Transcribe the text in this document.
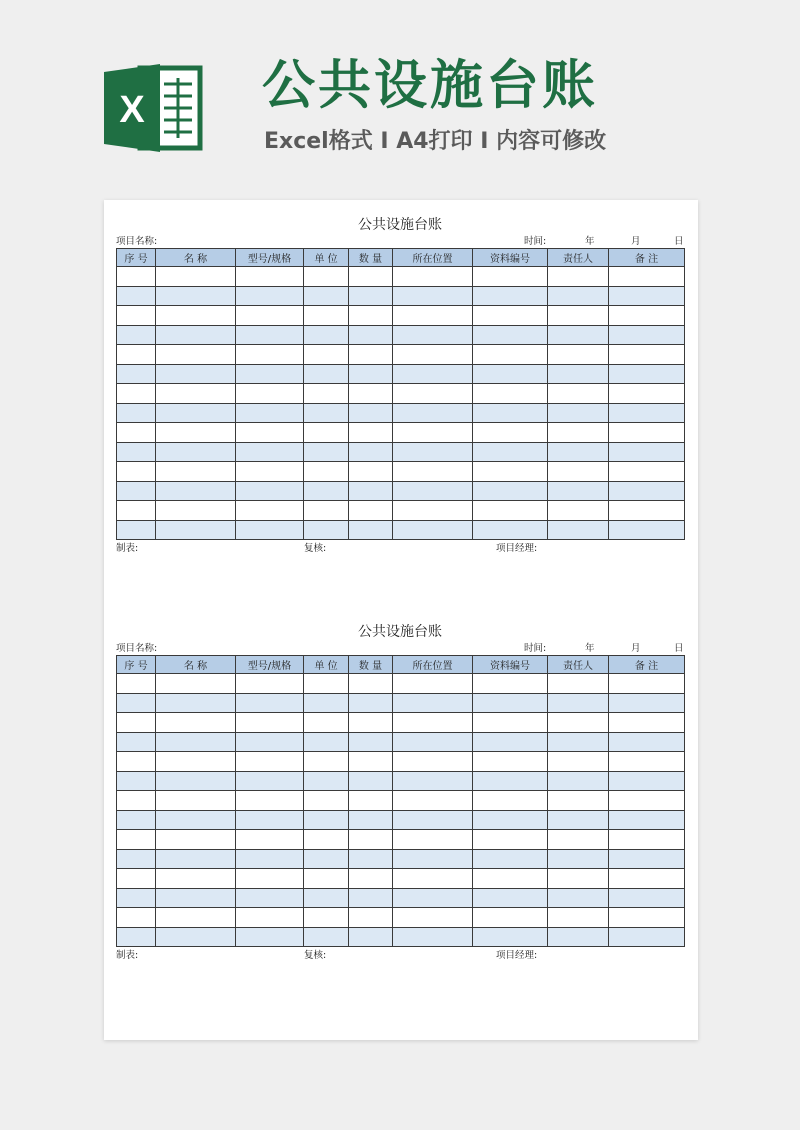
X 公共设施台账
Excel格式 I A4打印 I 内容可修改
公共设施台账
项目名称:	时间:	年	月	日
序 号	名 称	型号/规格	单 位	数 量	所在位置	资料编号	责任人	备 注

制表:	复核:	项目经理:
公共设施台账
项目名称:	时间:	年	月	日
序 号	名 称	型号/规格	单 位	数 量	所在位置	资料编号	责任人	备 注

制表:	复核:	项目经理:
